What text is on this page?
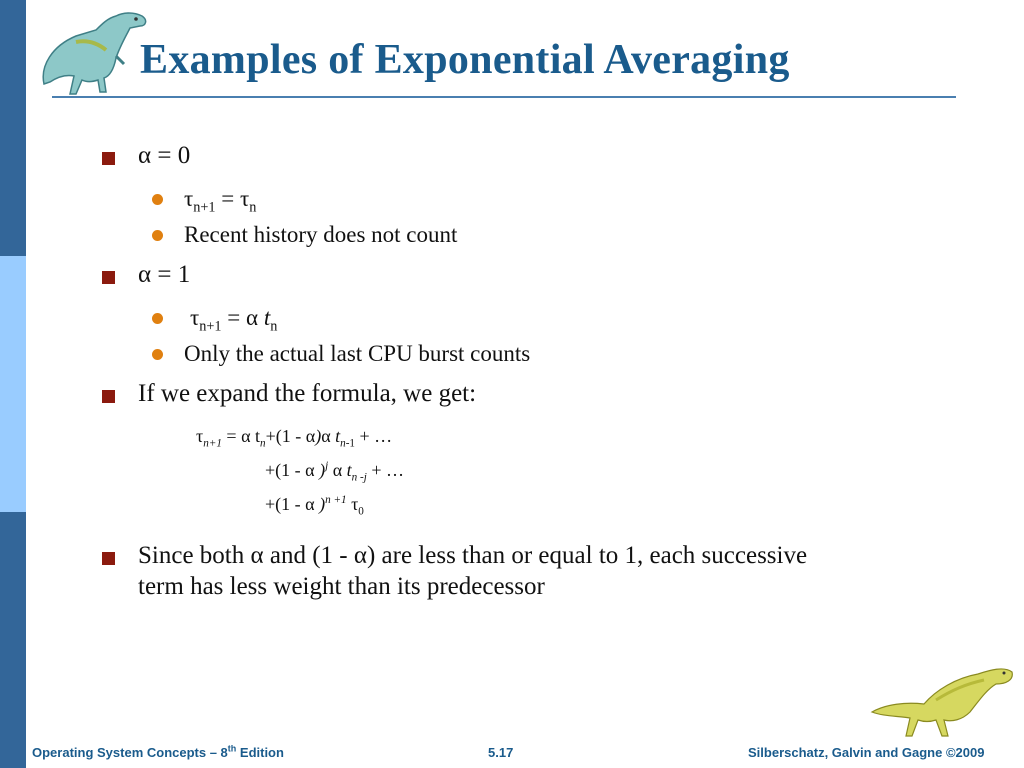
Examples of Exponential Averaging
α = 0
$\tau_{n+1} = \tau_n$
Recent history does not count
α = 1
$\tau_{n+1} = \alpha$ $t_n$
Only the actual last CPU burst counts
If we expand the formula, we get:
$\tau_{n+1} = \alpha$ $t_n+(1 - \alpha)\alpha$ $t_{n-1}$ + …
+(1 - α )$^j$ α $t_{n -j}$ + …
+(1 - α )$^{n +1}$ $\tau_0$
Since both α and (1 - α) are less than or equal to 1, each successive
term has less weight than its predecessor
Operating System Concepts – 8th Edition	5.17	Silberschatz, Galvin and Gagne ©2009
